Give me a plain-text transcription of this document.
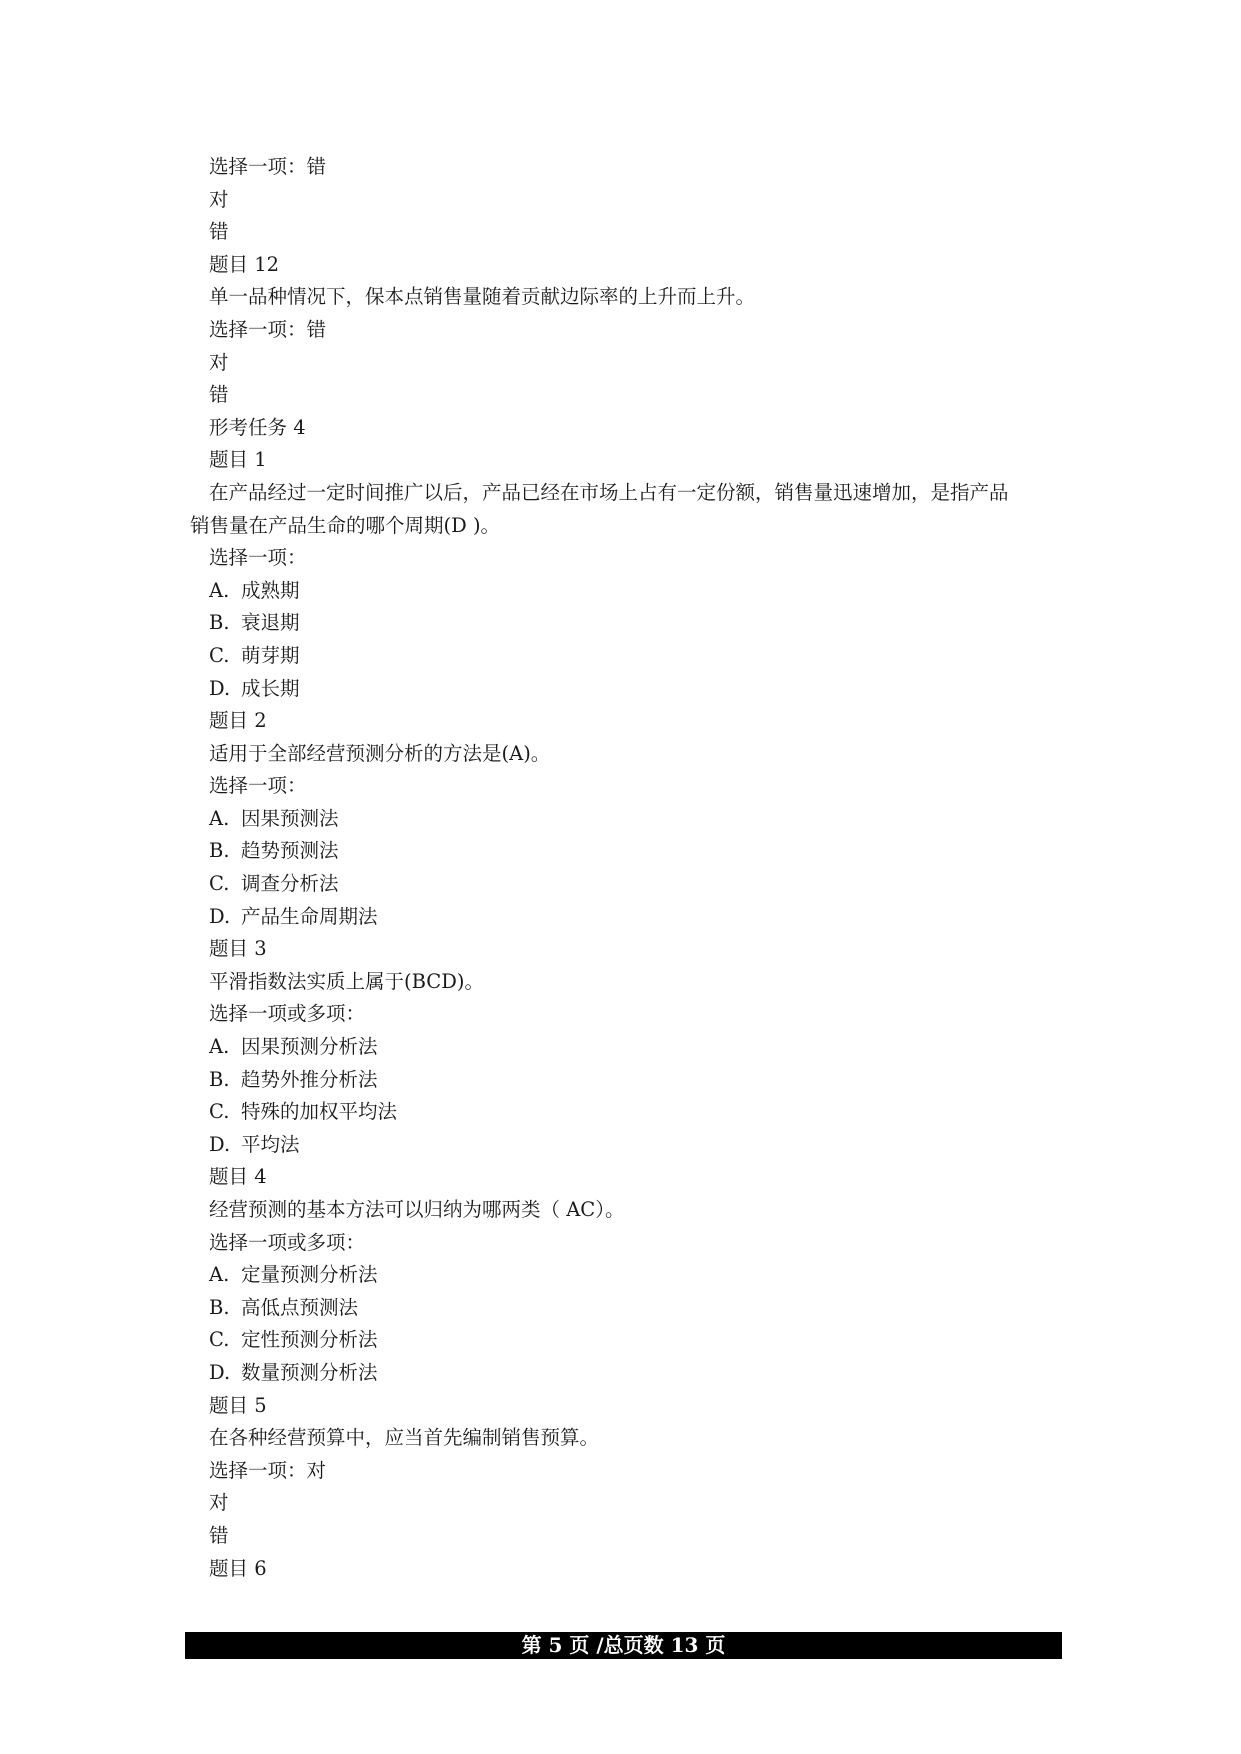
选择一项：错
对
错
题目 12
单一品种情况下，保本点销售量随着贡献边际率的上升而上升。
选择一项：错
对
错
形考任务 4
题目 1
在产品经过一定时间推广以后，产品已经在市场上占有一定份额，销售量迅速增加，是指产品
销售量在产品生命的哪个周期(D )。
选择一项：
A. 成熟期
B. 衰退期
C. 萌芽期
D. 成长期
题目 2
适用于全部经营预测分析的方法是(A)。
选择一项：
A. 因果预测法
B. 趋势预测法
C. 调查分析法
D. 产品生命周期法
题目 3
平滑指数法实质上属于(BCD)。
选择一项或多项：
A. 因果预测分析法
B. 趋势外推分析法
C. 特殊的加权平均法
D. 平均法
题目 4
经营预测的基本方法可以归纳为哪两类（ AC）。
选择一项或多项：
A. 定量预测分析法
B. 高低点预测法
C. 定性预测分析法
D. 数量预测分析法
题目 5
在各种经营预算中，应当首先编制销售预算。
选择一项：对
对
错
题目 6
第 5 页 /总页数 13 页
